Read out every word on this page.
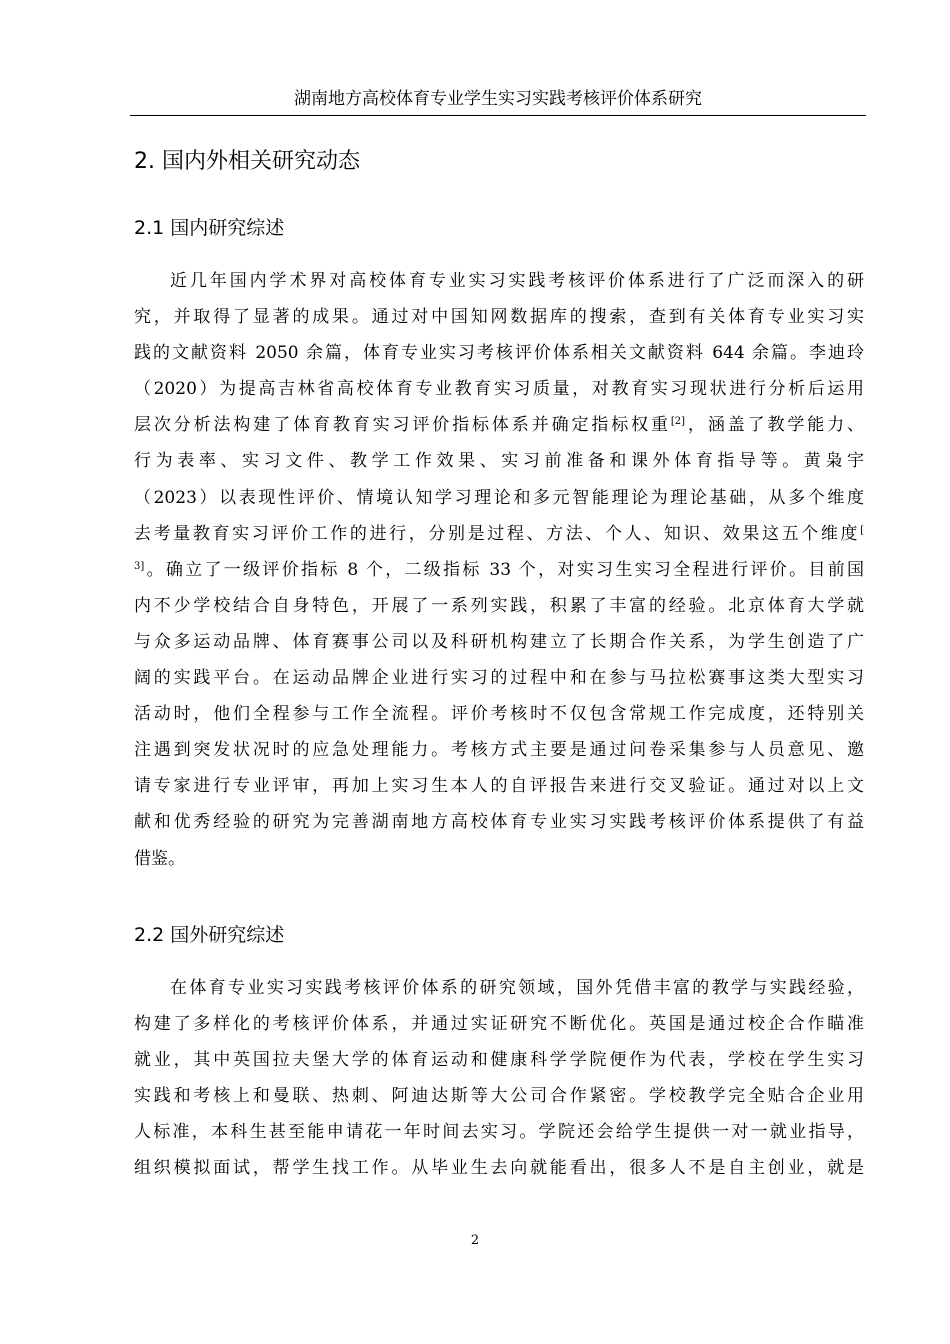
湖南地方高校体育专业学生实习实践考核评价体系研究
2. 国内外相关研究动态
2.1 国内研究综述
近几年国内学术界对高校体育专业实习实践考核评价体系进行了广泛而深入的研
究，并取得了显著的成果。通过对中国知网数据库的搜索，查到有关体育专业实习实
践的文献资料 2050 余篇，体育专业实习考核评价体系相关文献资料 644 余篇。李迪玲
（2020）为提高吉林省高校体育专业教育实习质量，对教育实习现状进行分析后运用
层次分析法构建了体育教育实习评价指标体系并确定指标权重[2]，涵盖了教学能力、
行为表率、实习文件、教学工作效果、实习前准备和课外体育指导等。黄枭宇
（2023）以表现性评价、情境认知学习理论和多元智能理论为理论基础，从多个维度
去考量教育实习评价工作的进行，分别是过程、方法、个人、知识、效果这五个维度[
$^{3]}$。确立了一级评价指标 8 个，二级指标 33 个，对实习生实习全程进行评价。目前国
内不少学校结合自身特色，开展了一系列实践，积累了丰富的经验。北京体育大学就
与众多运动品牌、体育赛事公司以及科研机构建立了长期合作关系，为学生创造了广
阔的实践平台。在运动品牌企业进行实习的过程中和在参与马拉松赛事这类大型实习
活动时，他们全程参与工作全流程。评价考核时不仅包含常规工作完成度，还特别关
注遇到突发状况时的应急处理能力。考核方式主要是通过问卷采集参与人员意见、邀
请专家进行专业评审，再加上实习生本人的自评报告来进行交叉验证。通过对以上文
献和优秀经验的研究为完善湖南地方高校体育专业实习实践考核评价体系提供了有益
借鉴。
2.2 国外研究综述
在体育专业实习实践考核评价体系的研究领域，国外凭借丰富的教学与实践经验，
构建了多样化的考核评价体系，并通过实证研究不断优化。英国是通过校企合作瞄准
就业，其中英国拉夫堡大学的体育运动和健康科学学院便作为代表，学校在学生实习
实践和考核上和曼联、热刺、阿迪达斯等大公司合作紧密。学校教学完全贴合企业用
人标准，本科生甚至能申请花一年时间去实习。学院还会给学生提供一对一就业指导，
组织模拟面试，帮学生找工作。从毕业生去向就能看出，很多人不是自主创业，就是
2
